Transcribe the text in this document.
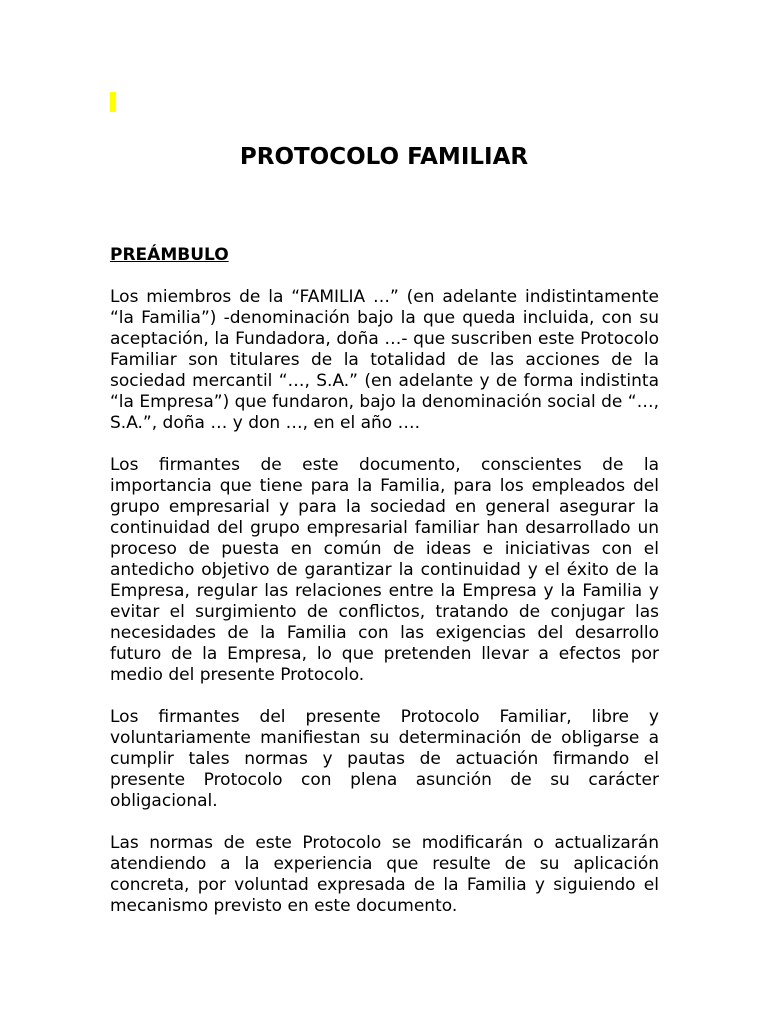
PROTOCOLO FAMILIAR

PREÁMBULO

Los miembros de la “FAMILIA …” (en adelante indistintamente “la Familia”) -denominación bajo la que queda incluida, con su aceptación, la Fundadora, doña …- que suscriben este Protocolo Familiar son titulares de la totalidad de las acciones de la sociedad mercantil “…, S.A.” (en adelante y de forma indistinta “la Empresa”) que fundaron, bajo la denominación social de “…, S.A.”, doña … y don …, en el año ….

Los firmantes de este documento, conscientes de la importancia que tiene para la Familia, para los empleados del grupo empresarial y para la sociedad en general asegurar la continuidad del grupo empresarial familiar han desarrollado un proceso de puesta en común de ideas e iniciativas con el antedicho objetivo de garantizar la continuidad y el éxito de la Empresa, regular las relaciones entre la Empresa y la Familia y evitar el surgimiento de conflictos, tratando de conjugar las necesidades de la Familia con las exigencias del desarrollo futuro de la Empresa, lo que pretenden llevar a efectos por medio del presente Protocolo.

Los firmantes del presente Protocolo Familiar, libre y voluntariamente manifiestan su determinación de obligarse a cumplir tales normas y pautas de actuación firmando el presente Protocolo con plena asunción de su carácter obligacional.

Las normas de este Protocolo se modificarán o actualizarán atendiendo a la experiencia que resulte de su aplicación concreta, por voluntad expresada de la Familia y siguiendo el mecanismo previsto en este documento.
